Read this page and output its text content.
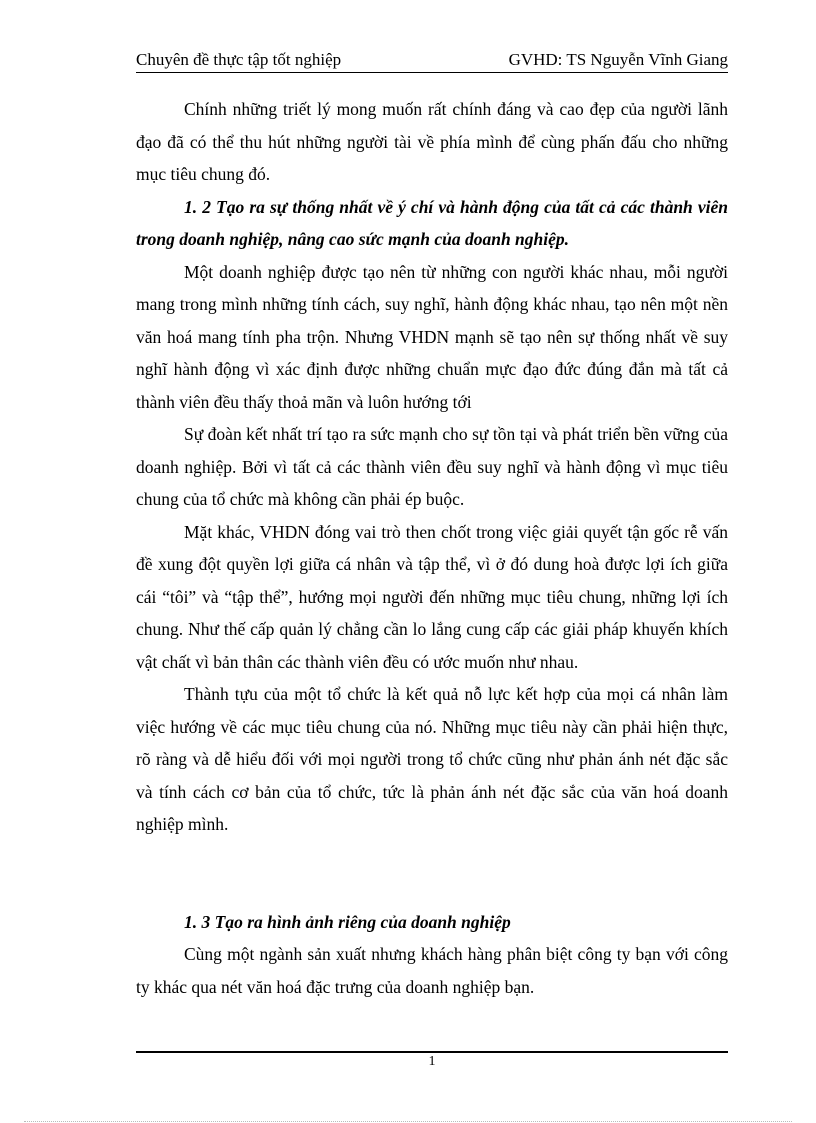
Chuyên đề thực tập tốt nghiệp	GVHD: TS Nguyễn Vĩnh Giang

Chính những triết lý mong muốn rất chính đáng và cao đẹp của người lãnh đạo đã có thể thu hút những người tài về phía mình để cùng phấn đấu cho những mục tiêu chung đó.

1. 2 Tạo ra sự thống nhất về ý chí và hành động của tất cả các thành viên trong doanh nghiệp, nâng cao sức mạnh của doanh nghiệp.

Một doanh nghiệp được tạo nên từ những con người khác nhau, mỗi người mang trong mình những tính cách, suy nghĩ, hành động khác nhau, tạo nên một nền văn hoá mang tính pha trộn. Nhưng VHDN mạnh sẽ tạo nên sự thống nhất về suy nghĩ hành động vì xác định được những chuẩn mực đạo đức đúng đắn mà tất cả thành viên đều thấy thoả mãn và luôn hướng tới

Sự đoàn kết nhất trí tạo ra sức mạnh cho sự tồn tại và phát triển bền vững của doanh nghiệp. Bởi vì tất cả các thành viên đều suy nghĩ và hành động vì mục tiêu chung của tổ chức mà không cần phải ép buộc.

Mặt khác, VHDN đóng vai trò then chốt trong việc giải quyết tận gốc rễ vấn đề xung đột quyền lợi giữa cá nhân và tập thể, vì ở đó dung hoà được lợi ích giữa cái “tôi” và “tập thể”, hướng mọi người đến những mục tiêu chung, những lợi ích chung. Như thế cấp quản lý chẳng cần lo lắng cung cấp các giải pháp khuyến khích vật chất vì bản thân các thành viên đều có ước muốn như nhau.

Thành tựu của một tổ chức là kết quả nỗ lực kết hợp của mọi cá nhân làm việc hướng về các mục tiêu chung của nó. Những mục tiêu này cần phải hiện thực, rõ ràng và dễ hiểu đối với mọi người trong tổ chức cũng như phản ánh nét đặc sắc và tính cách cơ bản của tổ chức, tức là phản ánh nét đặc sắc của văn hoá doanh nghiệp mình.

1. 3 Tạo ra hình ảnh riêng của doanh nghiệp

Cùng một ngành sản xuất nhưng khách hàng phân biệt công ty bạn với công ty khác qua nét văn hoá đặc trưng của doanh nghiệp bạn.

1
